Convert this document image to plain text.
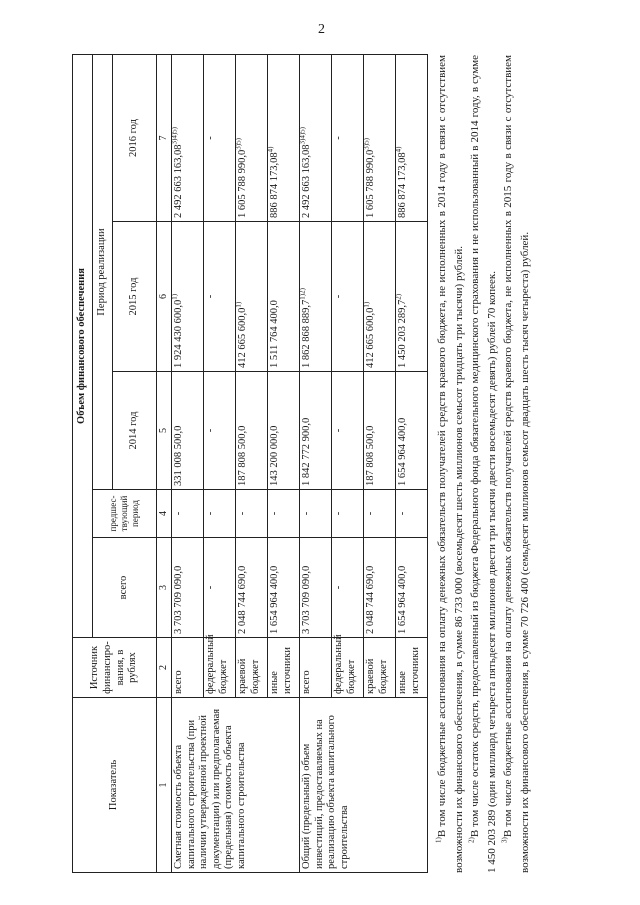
2
Показатель	Источник финансиро-вания, в рублях	Объем финансового обеспечения				
		всего	предшес-твующий период	Период реализации		
				2014 год	2015 год	2016 год
1	2	3	4	5	6	7
Сметная стоимость объекта капитального строительства (при наличии утвержденной проектной документации) или предполагаемая (предельная) стоимость объекта капитального строительства	всего	3 703 709 090,0	-	331 008 500,0	1 924 430 600,0$^{1)}$	2 492 663 $163,08^{3)4)5)}$
	федеральный бюджет	-	-	-	-	-
	краевой бюджет	2 048 744 690,0	-	187 808 500,0	412 665 600,0$^{1)}$	1 605 788 $990,0^{3)5)}$
	иные источники	1 654 964 400,0	-	143 200 000,0	1 511 764 400,0	886 874 173,08$^{4)}$
Общий (предельный) объем инвестиций, предоставляемых на реализацию объекта капитального строительства	всего	3 703 709 090,0	-	1 842 772 900,0	1 862 868 $889,7^{1)2)}$	2 492 663 $163,08^{3)4)5)}$
	федеральный бюджет	-	-	-	-	-
	краевой бюджет	2 048 744 690,0	-	187 808 500,0	412 665 600,0$^{1)}$	1 605 788 $990,0^{3)5)}$
	иные источники	1 654 964 400,0	-	1 654 964 400,0	1 450 203 289,7$^{2)}$	886 874 173,08$^{4)}$

$^{1)}$В том числе бюджетные ассигнования на оплату денежных обязательств получателей средств краевого бюджета, не исполненных в 2014 году в связи с отсутствием возможности их финансового обеспечения, в сумме 86 733 000 (восемьдесят шесть миллионов семьсот тридцать три тысячи) рублей. $^{2)}$В том числе остаток средств, предоставленный из бюджета Федерального фонда обязательного медицинского страхования и не использованный в 2014 году, в сумме 1 450 203 289 (один миллиард четыреста пятьдесят миллионов двести три тысячи двести восемьдесят девять) рублей 70 копеек. $^{3)}$В том числе бюджетные ассигнования на оплату денежных обязательств получателей средств краевого бюджета, не исполненных в 2015 году в связи с отсутствием возможности их финансового обеспечения, в сумме 70 726 400 (семьдесят миллионов семьсот двадцать шесть тысяч четыреста) рублей.
